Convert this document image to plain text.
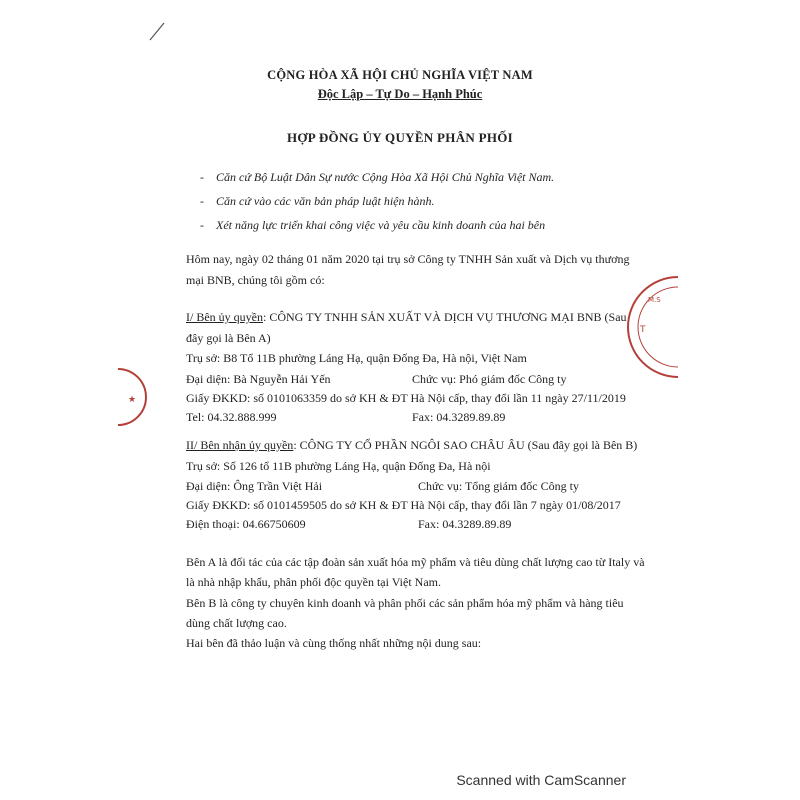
T
M.S
★
CỘNG HÒA XÃ HỘI CHỦ NGHĨA VIỆT NAM
Độc Lập – Tự Do – Hạnh Phúc
HỢP ĐỒNG ỦY QUYỀN PHÂN PHỐI
- Căn cứ Bộ Luật Dân Sự nước Cộng Hòa Xã Hội Chủ Nghĩa Việt Nam.
- Căn cứ vào các văn bản pháp luật hiện hành.
- Xét năng lực triển khai công việc và yêu cầu kinh doanh của hai bên
Hôm nay, ngày 02 tháng 01 năm 2020 tại trụ sở Công ty TNHH Sản xuất và Dịch vụ thương
mại BNB, chúng tôi gồm có:
I/ Bên ủy quyền: CÔNG TY TNHH SẢN XUẤT VÀ DỊCH VỤ THƯƠNG MẠI BNB (Sau
đây gọi là Bên A)
Trụ sở: B8 Tổ 11B phường Láng Hạ, quận Đống Đa, Hà nội, Việt Nam
Đại diện: Bà Nguyễn Hải Yến	Chức vụ: Phó giám đốc Công ty
Giấy ĐKKD: số 0101063359 do sở KH & ĐT Hà Nội cấp, thay đổi lần 11 ngày 27/11/2019
Tel: 04.32.888.999	Fax: 04.3289.89.89
II/ Bên nhận ủy quyền: CÔNG TY CỔ PHẦN NGÔI SAO CHÂU ÂU (Sau đây gọi là Bên B)
Trụ sở: Số 126 tổ 11B phường Láng Hạ, quận Đống Đa, Hà nội
Đại diện: Ông Trần Việt Hải	Chức vụ: Tổng giám đốc Công ty
Giấy ĐKKD: số 0101459505 do sở KH & ĐT Hà Nội cấp, thay đổi lần 7 ngày 01/08/2017
Điện thoại: 04.66750609	Fax: 04.3289.89.89
Bên A là đối tác của các tập đoàn sản xuất hóa mỹ phẩm và tiêu dùng chất lượng cao từ Italy và
là nhà nhập khẩu, phân phối độc quyền tại Việt Nam.
Bên B là công ty chuyên kinh doanh và phân phối các sản phẩm hóa mỹ phẩm và hàng tiêu
dùng chất lượng cao.
Hai bên đã thảo luận và cùng thống nhất những nội dung sau:
Scanned with CamScanner
